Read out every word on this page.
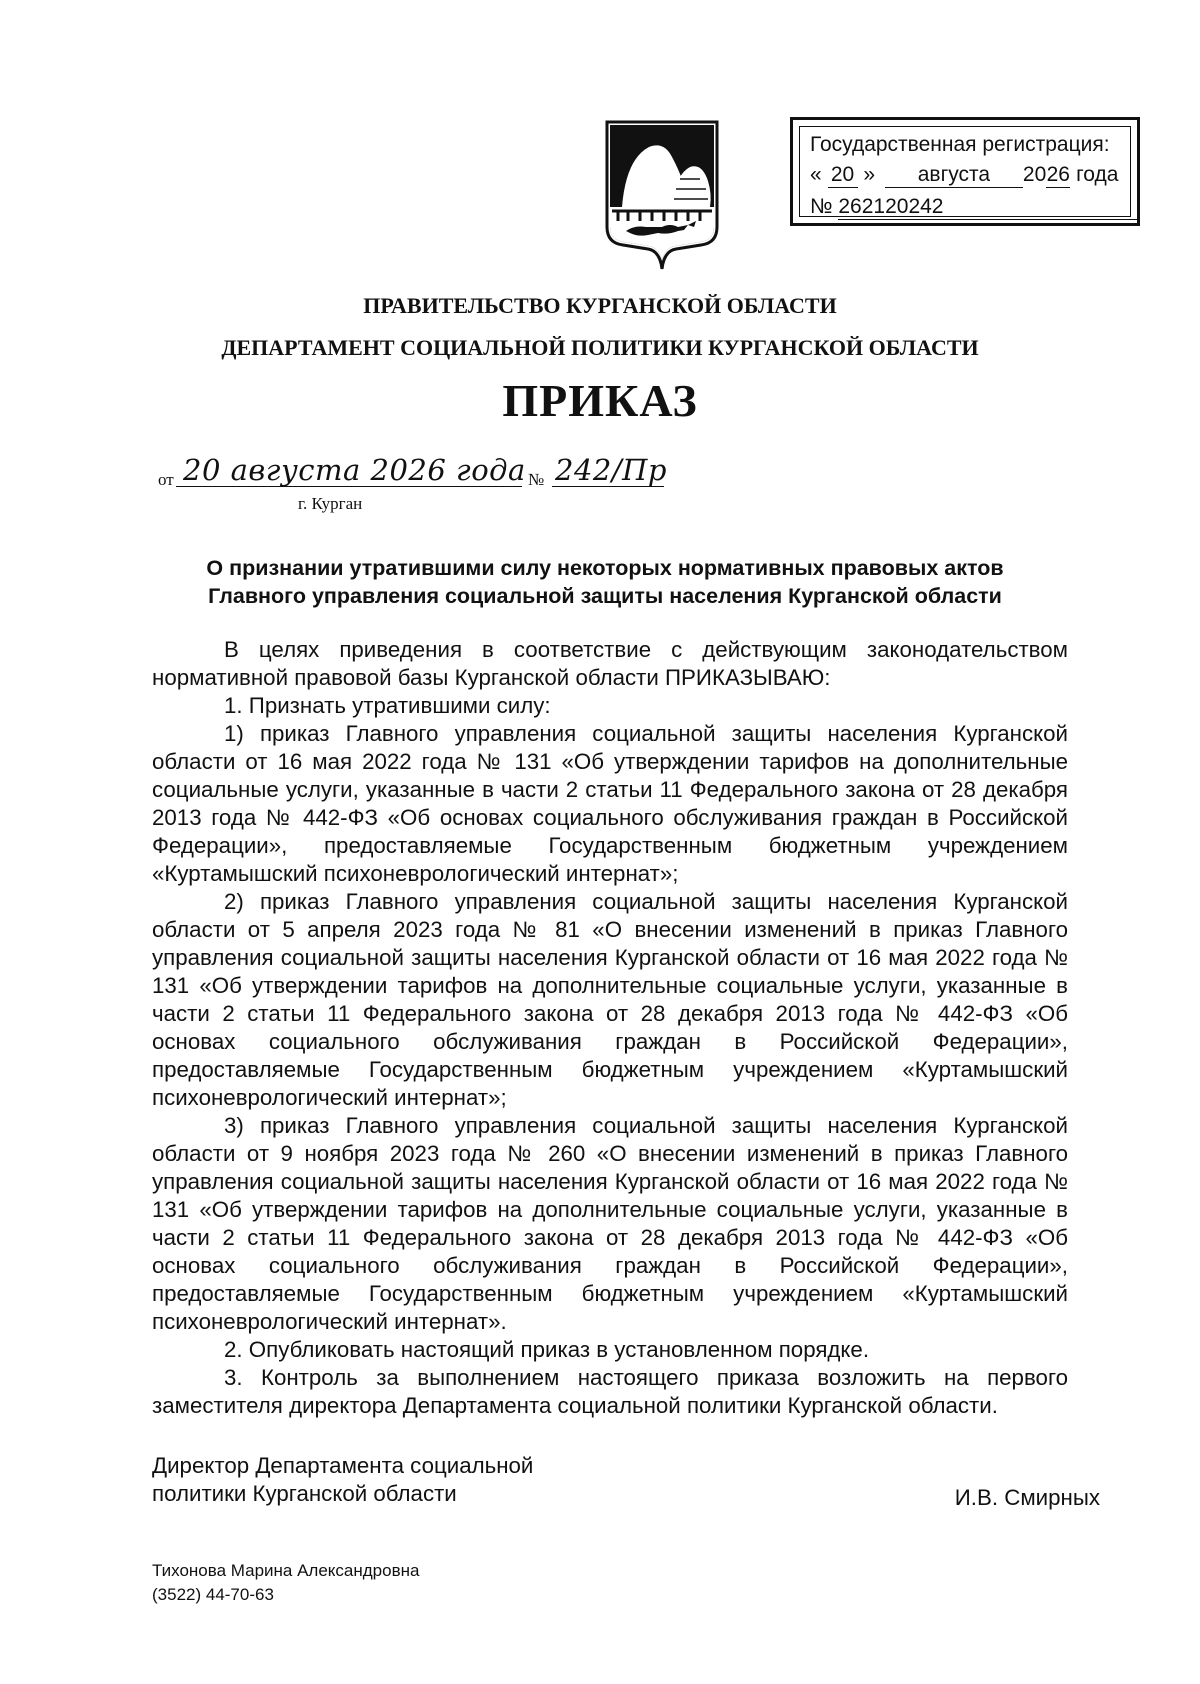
Государственная регистрация:
« 20 » августа 2026 года
№ 262120242
ПРАВИТЕЛЬСТВО КУРГАНСКОЙ ОБЛАСТИ
ДЕПАРТАМЕНТ СОЦИАЛЬНОЙ ПОЛИТИКИ КУРГАНСКОЙ ОБЛАСТИ
ПРИКАЗ
от 20 августа 2026 года № 242/Пр
г. Курган
О признании утратившими силу некоторых нормативных правовых актов
Главного управления социальной защиты населения Курганской области

В целях приведения в соответствие с действующим законодательством нормативной правовой базы Курганской области ПРИКАЗЫВАЮ:

1. Признать утратившими силу:

1) приказ Главного управления социальной защиты населения Курганской области от 16 мая 2022 года № 131 «Об утверждении тарифов на дополнительные социальные услуги, указанные в части 2 статьи 11 Федерального закона от 28 декабря 2013 года № 442-ФЗ «Об основах социального обслуживания граждан в Российской Федерации», предоставляемые Государственным бюджетным учреждением «Куртамышский психоневрологический интернат»;

2) приказ Главного управления социальной защиты населения Курганской области от 5 апреля 2023 года № 81 «О внесении изменений в приказ Главного управления социальной защиты населения Курганской области от 16 мая 2022 года № 131 «Об утверждении тарифов на дополнительные социальные услуги, указанные в части 2 статьи 11 Федерального закона от 28 декабря 2013 года № 442-ФЗ «Об основах социального обслуживания граждан в Российской Федерации», предоставляемые Государственным бюджетным учреждением «Куртамышский психоневрологический интернат»;

3) приказ Главного управления социальной защиты населения Курганской области от 9 ноября 2023 года № 260 «О внесении изменений в приказ Главного управления социальной защиты населения Курганской области от 16 мая 2022 года № 131 «Об утверждении тарифов на дополнительные социальные услуги, указанные в части 2 статьи 11 Федерального закона от 28 декабря 2013 года № 442-ФЗ «Об основах социального обслуживания граждан в Российской Федерации», предоставляемые Государственным бюджетным учреждением «Куртамышский психоневрологический интернат».

2. Опубликовать настоящий приказ в установленном порядке.

3. Контроль за выполнением настоящего приказа возложить на первого заместителя директора Департамента социальной политики Курганской области.

Директор Департамента социальной
политики Курганской области	И.В. Смирных
Тихонова Марина Александровна
(3522) 44-70-63
